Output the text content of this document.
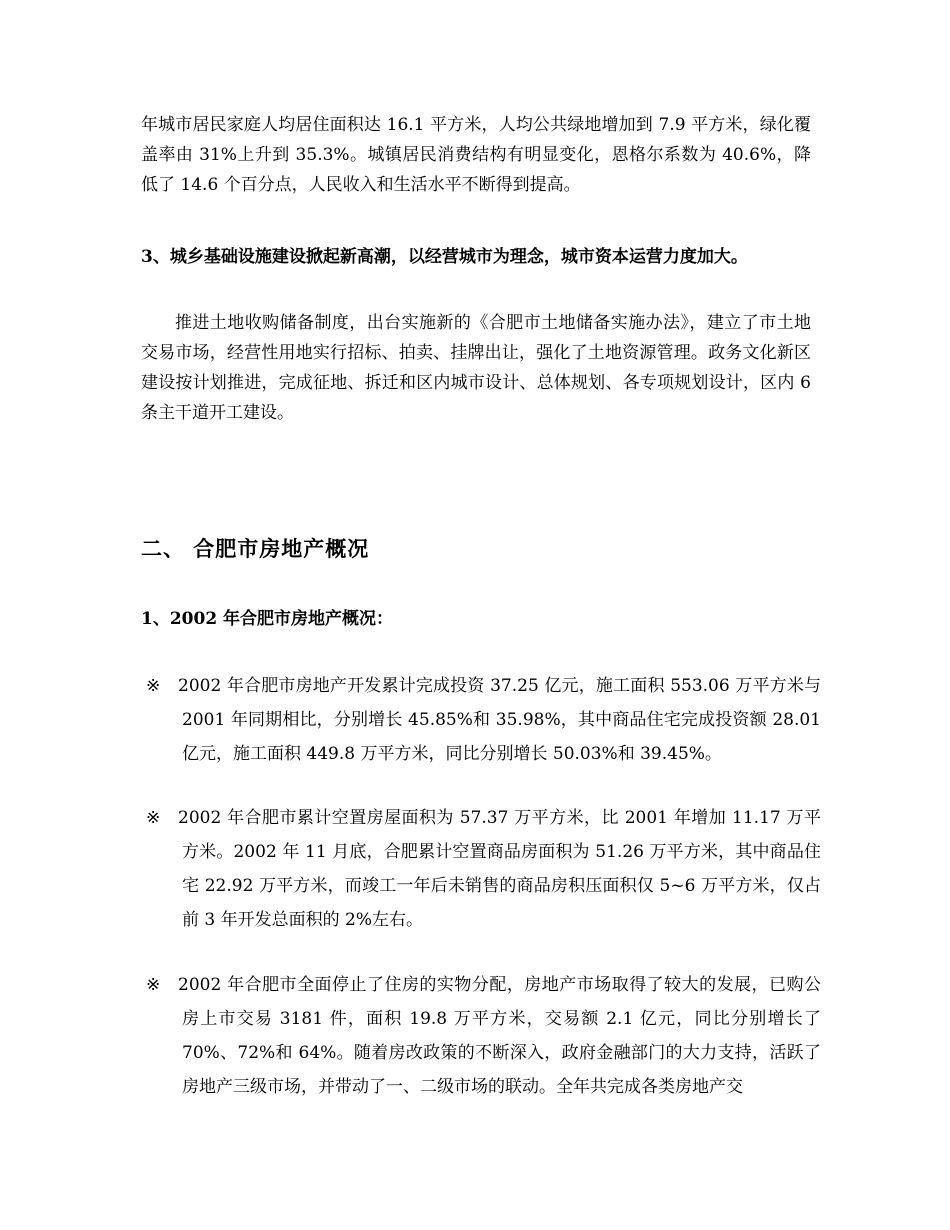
年城市居民家庭人均居住面积达 16.1 平方米，人均公共绿地增加到 7.9 平方米，绿化覆盖率由 31%上升到 35.3%。城镇居民消费结构有明显变化，恩格尔系数为 40.6%，降低了 14.6 个百分点，人民收入和生活水平不断得到提高。
3、城乡基础设施建设掀起新高潮，以经营城市为理念，城市资本运营力度加大。
推进土地收购储备制度，出台实施新的《合肥市土地储备实施办法》，建立了市土地交易市场，经营性用地实行招标、拍卖、挂牌出让，强化了土地资源管理。政务文化新区建设按计划推进，完成征地、拆迁和区内城市设计、总体规划、各专项规划设计，区内 6 条主干道开工建设。
二、 合肥市房地产概况
1、2002 年合肥市房地产概况：
※ 2002 年合肥市房地产开发累计完成投资 37.25 亿元，施工面积 553.06 万平方米与 2001 年同期相比，分别增长 45.85%和 35.98%，其中商品住宅完成投资额 28.01 亿元，施工面积 449.8 万平方米，同比分别增长 50.03%和 39.45%。
※ 2002 年合肥市累计空置房屋面积为 57.37 万平方米，比 2001 年增加 11.17 万平方米。2002 年 11 月底，合肥累计空置商品房面积为 51.26 万平方米，其中商品住宅 22.92 万平方米，而竣工一年后未销售的商品房积压面积仅 5~6 万平方米，仅占前 3 年开发总面积的 2%左右。
※ 2002 年合肥市全面停止了住房的实物分配，房地产市场取得了较大的发展，已购公房上市交易 3181 件，面积 19.8 万平方米，交易额 2.1 亿元，同比分别增长了 70%、72%和 64%。随着房改政策的不断深入，政府金融部门的大力支持，活跃了房地产三级市场，并带动了一、二级市场的联动。全年共完成各类房地产交
